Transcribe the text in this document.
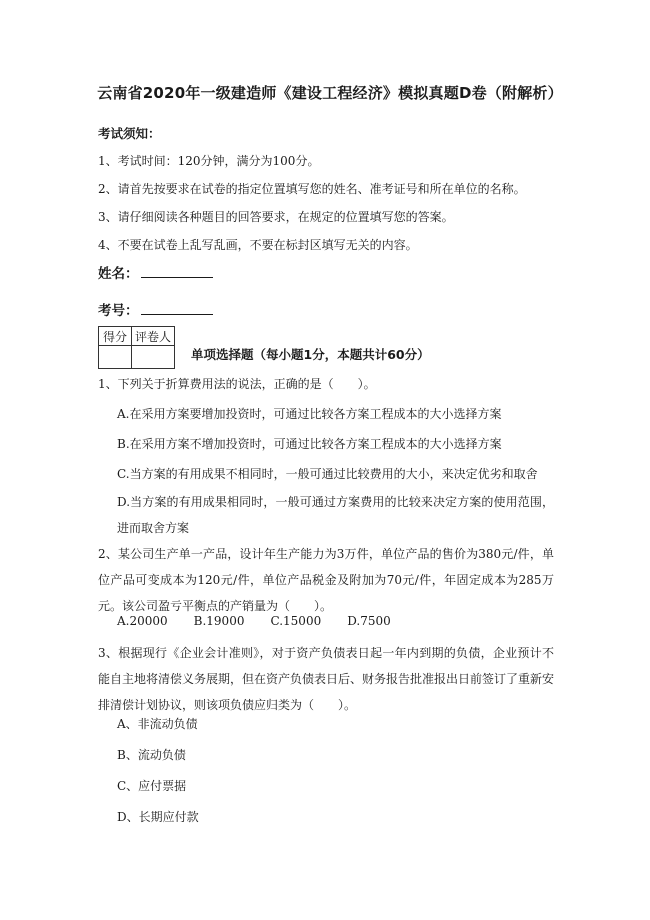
云南省2020年一级建造师《建设工程经济》模拟真题D卷（附解析）
考试须知：
1、考试时间：120分钟，满分为100分。
2、请首先按要求在试卷的指定位置填写您的姓名、准考证号和所在单位的名称。
3、请仔细阅读各种题目的回答要求，在规定的位置填写您的答案。
4、不要在试卷上乱写乱画，不要在标封区填写无关的内容。
姓名：
考号：
得分	评卷人

单项选择题（每小题1分，本题共计60分）
1、下列关于折算费用法的说法，正确的是（　　）。
A.在采用方案要增加投资时，可通过比较各方案工程成本的大小选择方案
B.在采用方案不增加投资时，可通过比较各方案工程成本的大小选择方案
C.当方案的有用成果不相同时，一般可通过比较费用的大小，来决定优劣和取舍
D.当方案的有用成果相同时，一般可通过方案费用的比较来决定方案的使用范围，进而取舍方案
2、某公司生产单一产品，设计年生产能力为3万件，单位产品的售价为380元/件，单位产品可变成本为120元/件，单位产品税金及附加为70元/件，年固定成本为285万元。该公司盈亏平衡点的产销量为（　　）。
A.20000 B.19000 C.15000 D.7500
3、根据现行《企业会计准则》，对于资产负债表日起一年内到期的负债，企业预计不能自主地将清偿义务展期，但在资产负债表日后、财务报告批准报出日前签订了重新安排清偿计划协议，则该项负债应归类为（　　）。
A、非流动负债
B、流动负债
C、应付票据
D、长期应付款
